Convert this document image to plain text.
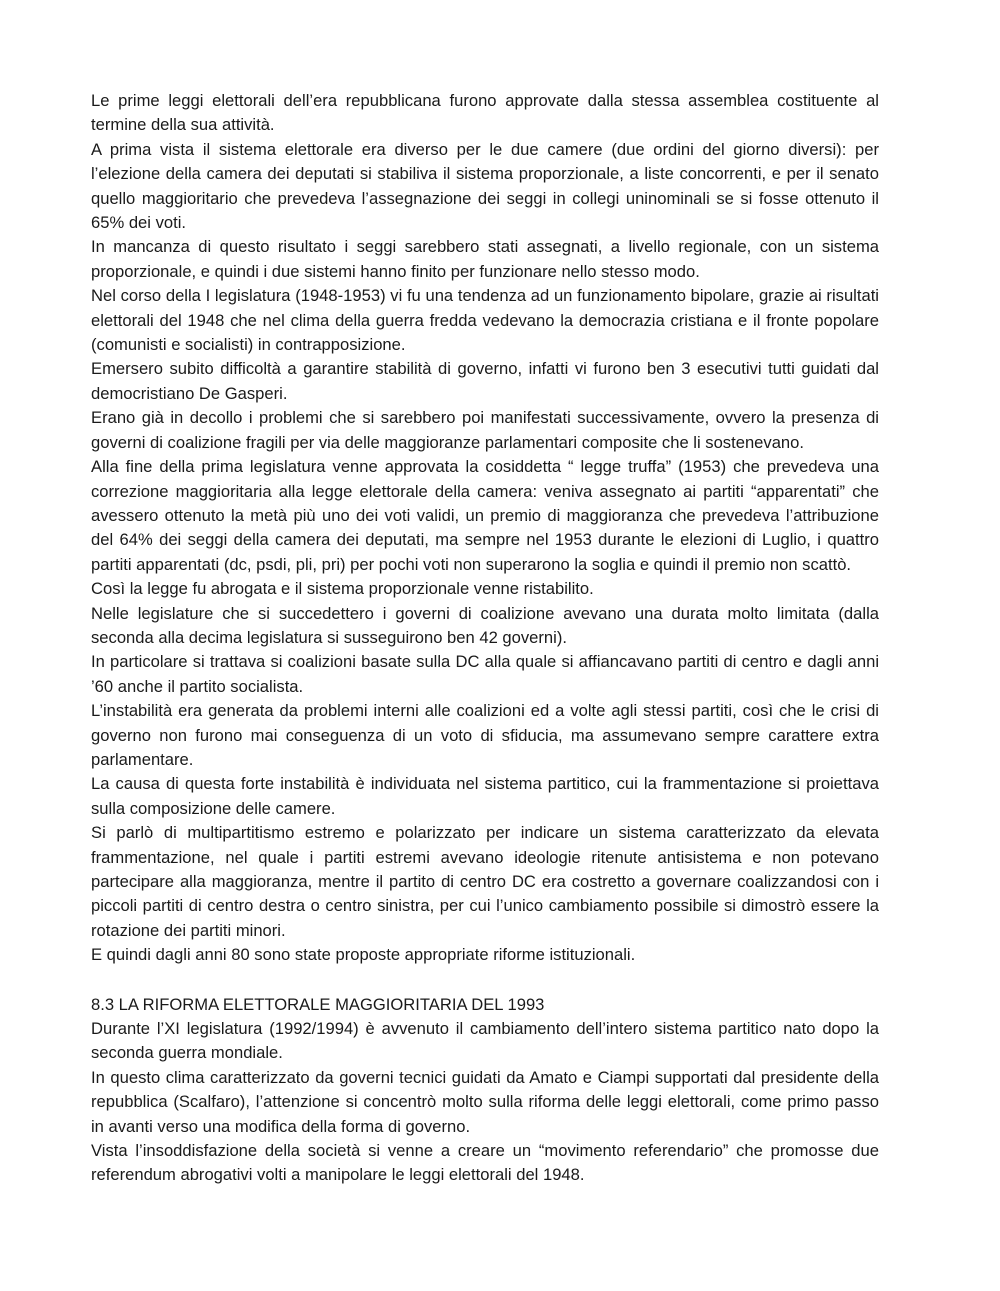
Le prime leggi elettorali dell’era repubblicana furono approvate dalla stessa assemblea costituente al termine della sua attività.

A prima vista il sistema elettorale era diverso per le due camere (due ordini del giorno diversi): per l’elezione della camera dei deputati si stabiliva il sistema proporzionale, a liste concorrenti, e per il senato quello maggioritario che prevedeva l’assegnazione dei seggi in collegi uninominali se si fosse ottenuto il 65% dei voti.

In mancanza di questo risultato i seggi sarebbero stati assegnati, a livello regionale, con un sistema proporzionale, e quindi i due sistemi hanno finito per funzionare nello stesso modo.

Nel corso della I legislatura (1948-1953) vi fu una tendenza ad un funzionamento bipolare, grazie ai risultati elettorali del 1948 che nel clima della guerra fredda vedevano la democrazia cristiana e il fronte popolare (comunisti e socialisti) in contrapposizione.

Emersero subito difficoltà a garantire stabilità di governo, infatti vi furono ben 3 esecutivi tutti guidati dal democristiano De Gasperi.

Erano già in decollo i problemi che si sarebbero poi manifestati successivamente, ovvero la presenza di governi di coalizione fragili per via delle maggioranze parlamentari composite che li sostenevano.

Alla fine della prima legislatura venne approvata la cosiddetta “ legge truffa” (1953) che prevedeva una correzione maggioritaria alla legge elettorale della camera: veniva assegnato ai partiti “apparentati” che avessero ottenuto la metà più uno dei voti validi, un premio di maggioranza che prevedeva l’attribuzione del 64% dei seggi della camera dei deputati, ma sempre nel 1953 durante le elezioni di Luglio, i quattro partiti apparentati (dc, psdi, pli, pri) per pochi voti non superarono la soglia e quindi il premio non scattò.

Così la legge fu abrogata e il sistema proporzionale venne ristabilito.

Nelle legislature che si succedettero i governi di coalizione avevano una durata molto limitata (dalla seconda alla decima legislatura si susseguirono ben 42 governi).

In particolare si trattava si coalizioni basate sulla DC alla quale si affiancavano partiti di centro e dagli anni ’60 anche il partito socialista.

L’instabilità era generata da problemi interni alle coalizioni ed a volte agli stessi partiti, così che le crisi di governo non furono mai conseguenza di un voto di sfiducia, ma assumevano sempre carattere extra parlamentare.

La causa di questa forte instabilità è individuata nel sistema partitico, cui la frammentazione si proiettava sulla composizione delle camere.

Si parlò di multipartitismo estremo e polarizzato per indicare un sistema caratterizzato da elevata frammentazione, nel quale i partiti estremi avevano ideologie ritenute antisistema e non potevano partecipare alla maggioranza, mentre il partito di centro DC era costretto a governare coalizzandosi con i piccoli partiti di centro destra o centro sinistra, per cui l’unico cambiamento possibile si dimostrò essere la rotazione dei partiti minori.

E quindi dagli anni 80 sono state proposte appropriate riforme istituzionali.

8.3 LA RIFORMA ELETTORALE MAGGIORITARIA DEL 1993

Durante l’XI legislatura (1992/1994) è avvenuto il cambiamento dell’intero sistema partitico nato dopo la seconda guerra mondiale.

In questo clima caratterizzato da governi tecnici guidati da Amato e Ciampi supportati dal presidente della repubblica (Scalfaro), l’attenzione si concentrò molto sulla riforma delle leggi elettorali, come primo passo in avanti verso una modifica della forma di governo.

Vista l’insoddisfazione della società si venne a creare un “movimento referendario” che promosse due referendum abrogativi volti a manipolare le leggi elettorali del 1948.
